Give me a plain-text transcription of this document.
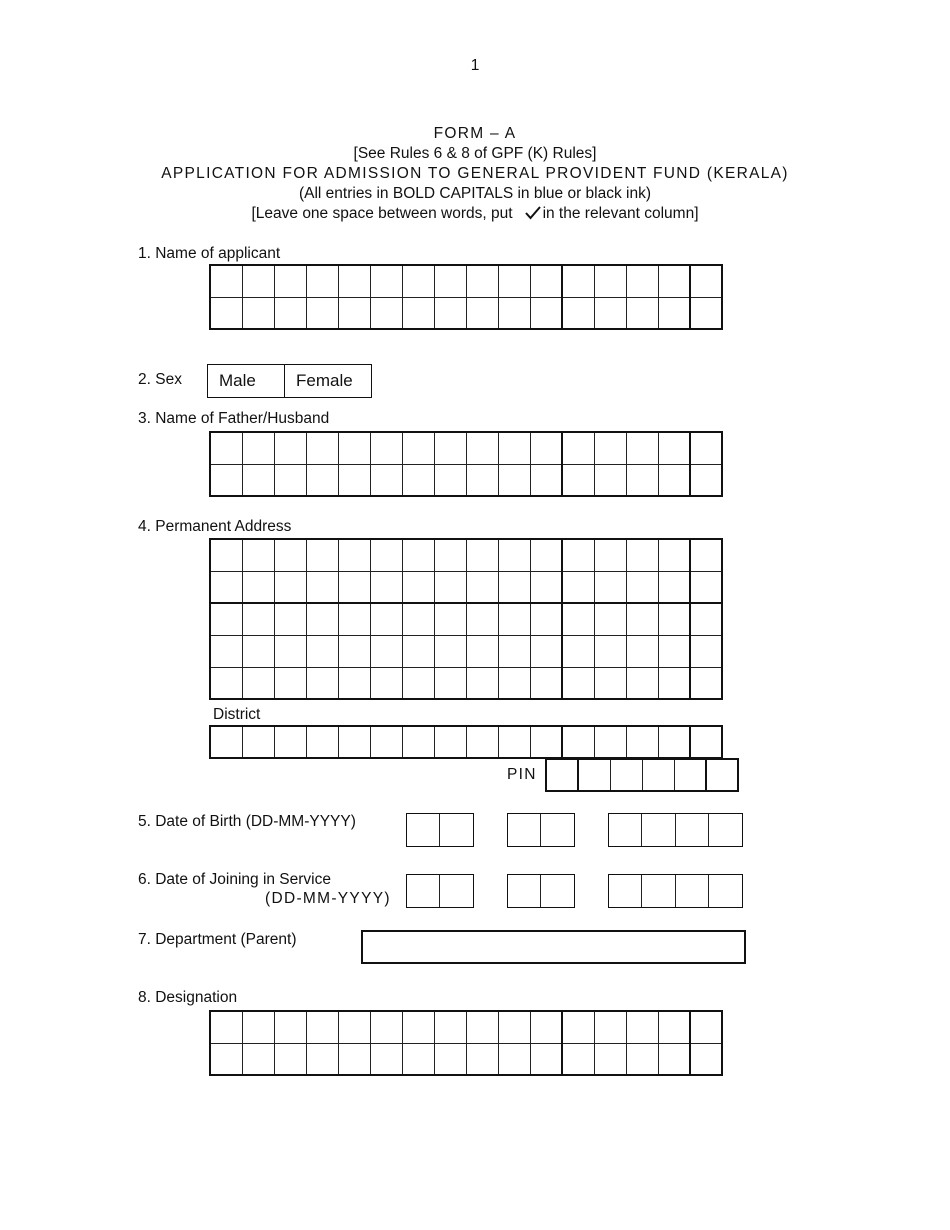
1
FORM – A
[See Rules 6 & 8 of GPF (K) Rules]
APPLICATION FOR ADMISSION TO GENERAL PROVIDENT FUND (KERALA)
(All entries in BOLD CAPITALS in blue or black ink)
[Leave one space between words, put in the relevant column]
1. Name of applicant

2. Sex	Male	Female
3. Name of Father/Husband

4. Permanent Address

District

PIN

5. Date of Birth (DD-MM-YYYY)
6. Date of Joining in Service
(DD-MM-YYYY)
7. Department (Parent)
8. Designation
